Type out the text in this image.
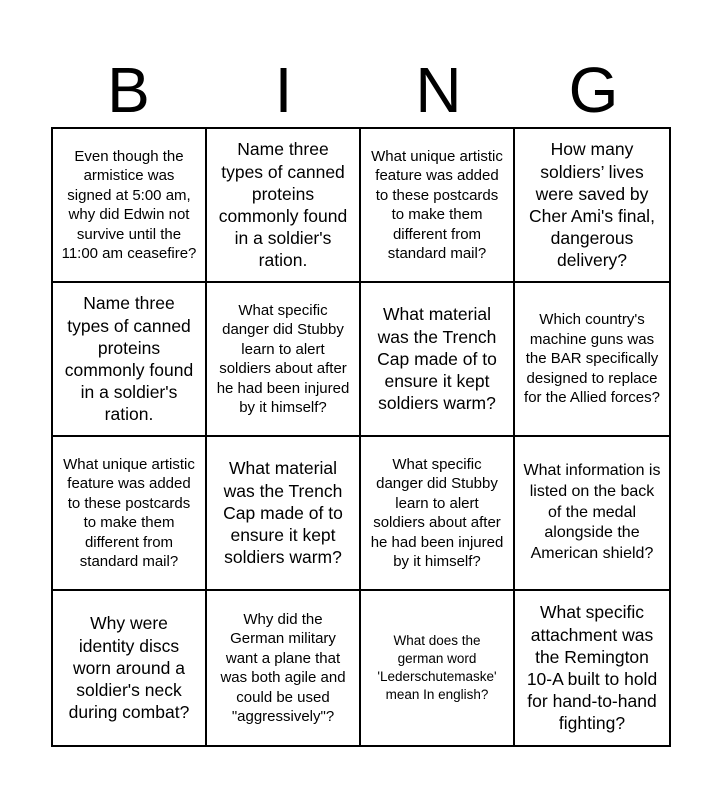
B	I	N	G
Even though the armistice was signed at 5:00 am, why did Edwin not survive until the 11:00 am ceasefire?
Name three types of canned proteins commonly found in a soldier's ration.
What unique artistic feature was added to these postcards to make them different from standard mail?
How many soldiers’ lives were saved by Cher Ami's final, dangerous delivery?
Name three types of canned proteins commonly found in a soldier's ration.
What specific danger did Stubby learn to alert soldiers about after he had been injured by it himself?
What material was the Trench Cap made of to ensure it kept soldiers warm?
Which country's machine guns was the BAR specifically designed to replace for the Allied forces?
What unique artistic feature was added to these postcards to make them different from standard mail?
What material was the Trench Cap made of to ensure it kept soldiers warm?
What specific danger did Stubby learn to alert soldiers about after he had been injured by it himself?
What information is listed on the back of the medal alongside the American shield?
Why were identity discs worn around a soldier's neck during combat?
Why did the German military want a plane that was both agile and could be used "aggressively"?
What does the german word 'Lederschutemaske' mean In english?
What specific attachment was the Remington 10-A built to hold for hand-to-hand fighting?
